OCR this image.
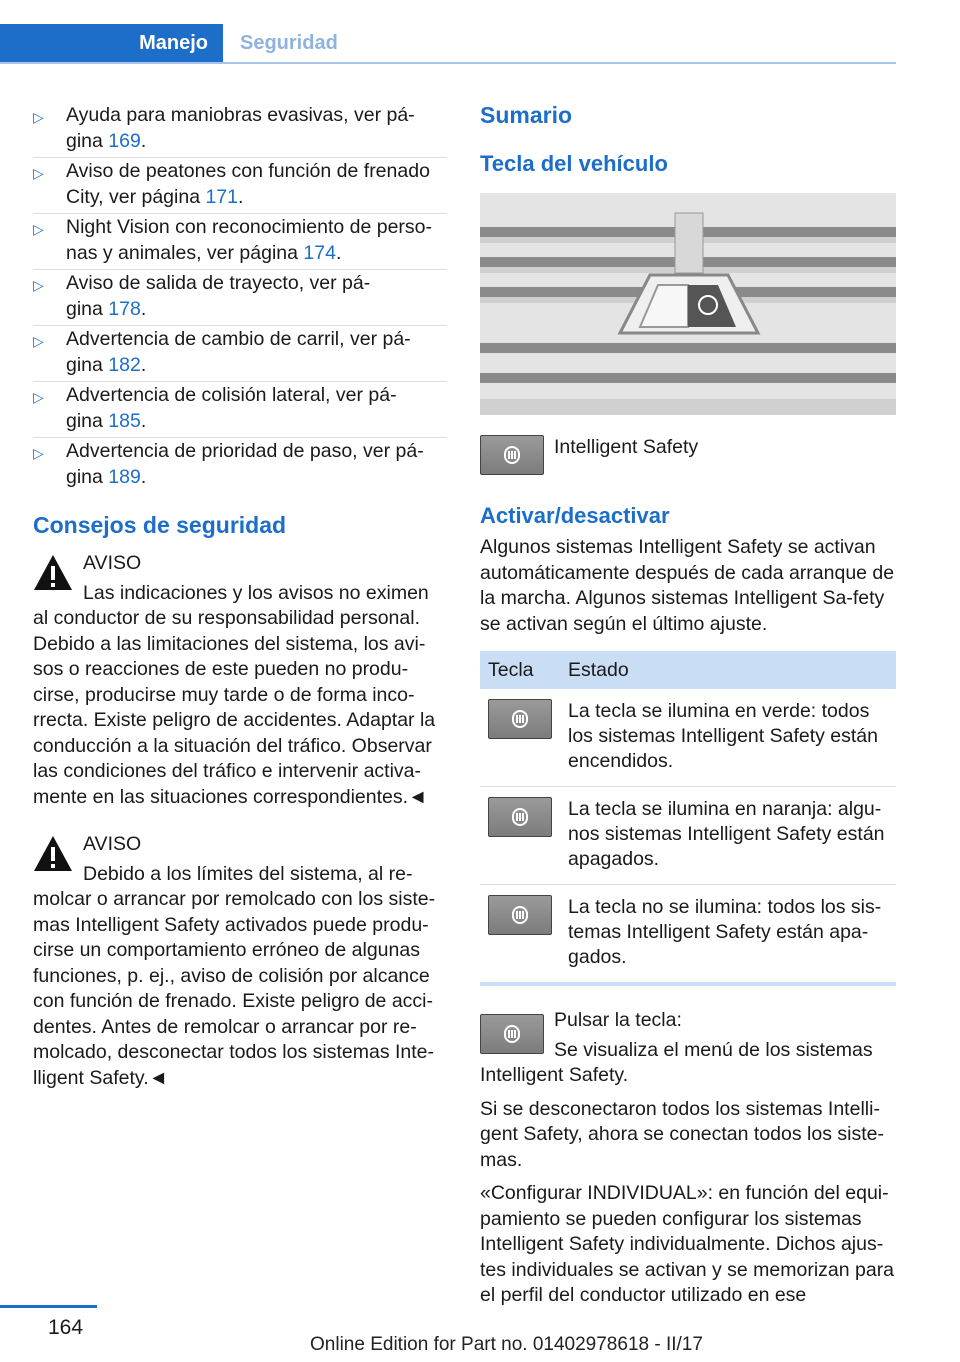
Manejo	Seguridad
▷ Ayuda para maniobras evasivas, ver pá-
gina 169.
▷ Aviso de peatones con función de frenado
City, ver página 171.
▷ Night Vision con reconocimiento de perso-
nas y animales, ver página 174.
▷ Aviso de salida de trayecto, ver pá-
gina 178.
▷ Advertencia de cambio de carril, ver pá-
gina 182.
▷ Advertencia de colisión lateral, ver pá-
gina 185.
▷ Advertencia de prioridad de paso, ver pá-
gina 189.
Consejos de seguridad

AVISO

Las indicaciones y los avisos no eximen

al conductor de su responsabilidad personal. Debido a las limitaciones del sistema, los avi-sos o reacciones de este pueden no produ-cirse, producirse muy tarde o de forma inco-rrecta. Existe peligro de accidentes. Adaptar la conducción a la situación del tráfico. Observar las condiciones del tráfico e intervenir activa-mente en las situaciones correspondientes.◄

AVISO

Debido a los límites del sistema, al re-

molcar o arrancar por remolcado con los siste-mas Intelligent Safety activados puede produ-cirse un comportamiento erróneo de algunas funciones, p. ej., aviso de colisión por alcance con función de frenado. Existe peligro de acci-dentes. Antes de remolcar o arrancar por re-molcado, desconectar todos los sistemas Inte-lligent Safety.◄

Sumario
Tecla del vehículo

Intelligent Safety

Activar/desactivar

Algunos sistemas Intelligent Safety se activan automáticamente después de cada arranque de la marcha. Algunos sistemas Intelligent Sa-fety se activan según el último ajuste.

Tecla	Estado

	La tecla se ilumina en verde: todos los sistemas Intelligent Safety están encendidos.

	La tecla se ilumina en naranja: algu-nos sistemas Intelligent Safety están apagados.

	La tecla no se ilumina: todos los sis-temas Intelligent Safety están apa-gados.

Pulsar la tecla:

Se visualiza el menú de los sistemas

Intelligent Safety.

Si se desconectaron todos los sistemas Intelli-gent Safety, ahora se conectan todos los siste-mas.

«Configurar INDIVIDUAL»: en función del equi-pamiento se pueden configurar los sistemas Intelligent Safety individualmente. Dichos ajus-tes individuales se activan y se memorizan para el perfil del conductor utilizado en ese

164
Online Edition for Part no. 01402978618 - II/17
